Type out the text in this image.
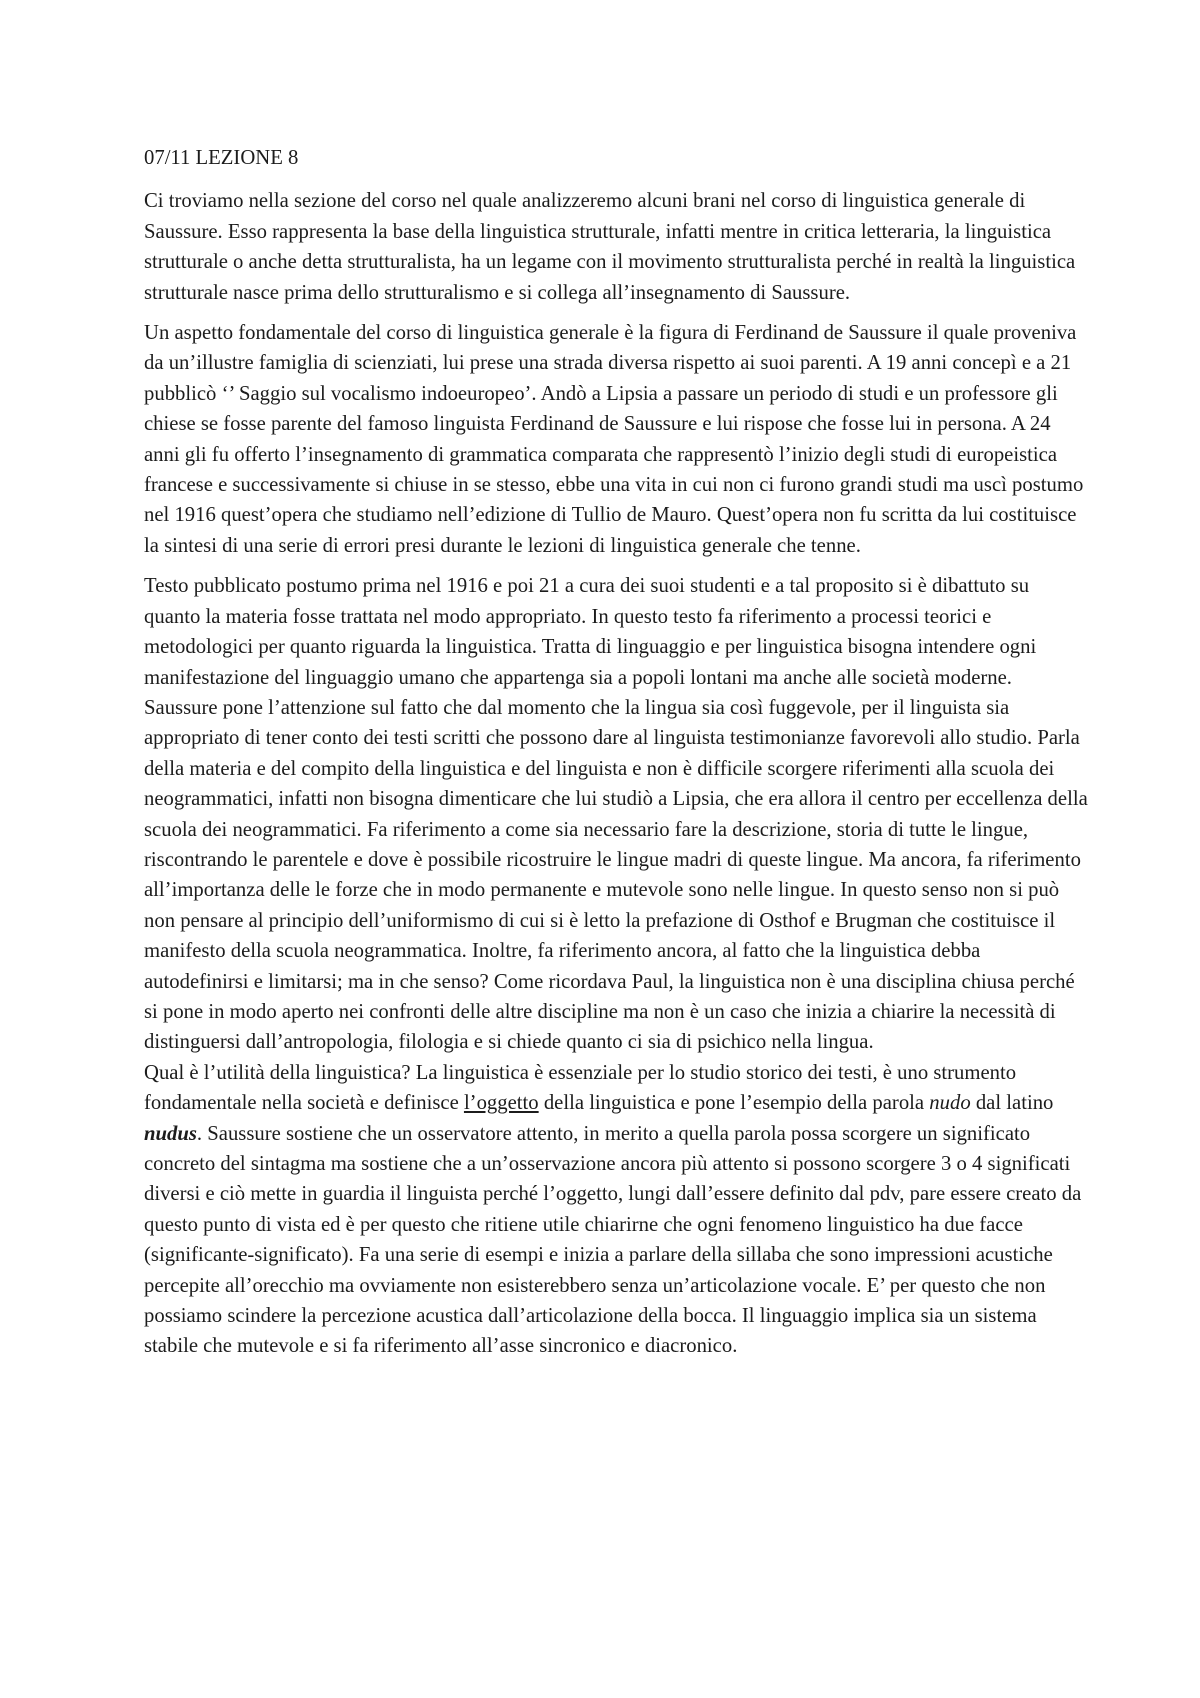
07/11 LEZIONE 8

Ci troviamo nella sezione del corso nel quale analizzeremo alcuni brani nel corso di linguistica generale di Saussure. Esso rappresenta la base della linguistica strutturale, infatti mentre in critica letteraria, la linguistica strutturale o anche detta strutturalista, ha un legame con il movimento strutturalista perché in realtà la linguistica strutturale nasce prima dello strutturalismo e si collega all’insegnamento di Saussure.

Un aspetto fondamentale del corso di linguistica generale è la figura di Ferdinand de Saussure il quale proveniva da un’illustre famiglia di scienziati, lui prese una strada diversa rispetto ai suoi parenti. A 19 anni concepì e a 21 pubblicò ‘’ Saggio sul vocalismo indoeuropeo’. Andò a Lipsia a passare un periodo di studi e un professore gli chiese se fosse parente del famoso linguista Ferdinand de Saussure e lui rispose che fosse lui in persona. A 24 anni gli fu offerto l’insegnamento di grammatica comparata che rappresentò l’inizio degli studi di europeistica francese e successivamente si chiuse in se stesso, ebbe una vita in cui non ci furono grandi studi ma uscì postumo nel 1916 quest’opera che studiamo nell’edizione di Tullio de Mauro. Quest’opera non fu scritta da lui costituisce la sintesi di una serie di errori presi durante le lezioni di linguistica generale che tenne.

Testo pubblicato postumo prima nel 1916 e poi 21 a cura dei suoi studenti e a tal proposito si è dibattuto su quanto la materia fosse trattata nel modo appropriato. In questo testo fa riferimento a processi teorici e metodologici per quanto riguarda la linguistica. Tratta di linguaggio e per linguistica bisogna intendere ogni manifestazione del linguaggio umano che appartenga sia a popoli lontani ma anche alle società moderne. Saussure pone l’attenzione sul fatto che dal momento che la lingua sia così fuggevole, per il linguista sia appropriato di tener conto dei testi scritti che possono dare al linguista testimonianze favorevoli allo studio. Parla della materia e del compito della linguistica e del linguista e non è difficile scorgere riferimenti alla scuola dei neogrammatici, infatti non bisogna dimenticare che lui studiò a Lipsia, che era allora il centro per eccellenza della scuola dei neogrammatici. Fa riferimento a come sia necessario fare la descrizione, storia di tutte le lingue, riscontrando le parentele e dove è possibile ricostruire le lingue madri di queste lingue. Ma ancora, fa riferimento all’importanza delle le forze che in modo permanente e mutevole sono nelle lingue. In questo senso non si può non pensare al principio dell’uniformismo di cui si è letto la prefazione di Osthof e Brugman che costituisce il manifesto della scuola neogrammatica. Inoltre, fa riferimento ancora, al fatto che la linguistica debba autodefinirsi e limitarsi; ma in che senso? Come ricordava Paul, la linguistica non è una disciplina chiusa perché si pone in modo aperto nei confronti delle altre discipline ma non è un caso che inizia a chiarire la necessità di distinguersi dall’antropologia, filologia e si chiede quanto ci sia di psichico nella lingua.

Qual è l’utilità della linguistica? La linguistica è essenziale per lo studio storico dei testi, è uno strumento fondamentale nella società e definisce l’oggetto della linguistica e pone l’esempio della parola nudo dal latino nudus. Saussure sostiene che un osservatore attento, in merito a quella parola possa scorgere un significato concreto del sintagma ma sostiene che a un’osservazione ancora più attento si possono scorgere 3 o 4 significati diversi e ciò mette in guardia il linguista perché l’oggetto, lungi dall’essere definito dal pdv, pare essere creato da questo punto di vista ed è per questo che ritiene utile chiarirne che ogni fenomeno linguistico ha due facce (significante-significato). Fa una serie di esempi e inizia a parlare della sillaba che sono impressioni acustiche percepite all’orecchio ma ovviamente non esisterebbero senza un’articolazione vocale. E’ per questo che non possiamo scindere la percezione acustica dall’articolazione della bocca. Il linguaggio implica sia un sistema stabile che mutevole e si fa riferimento all’asse sincronico e diacronico.
